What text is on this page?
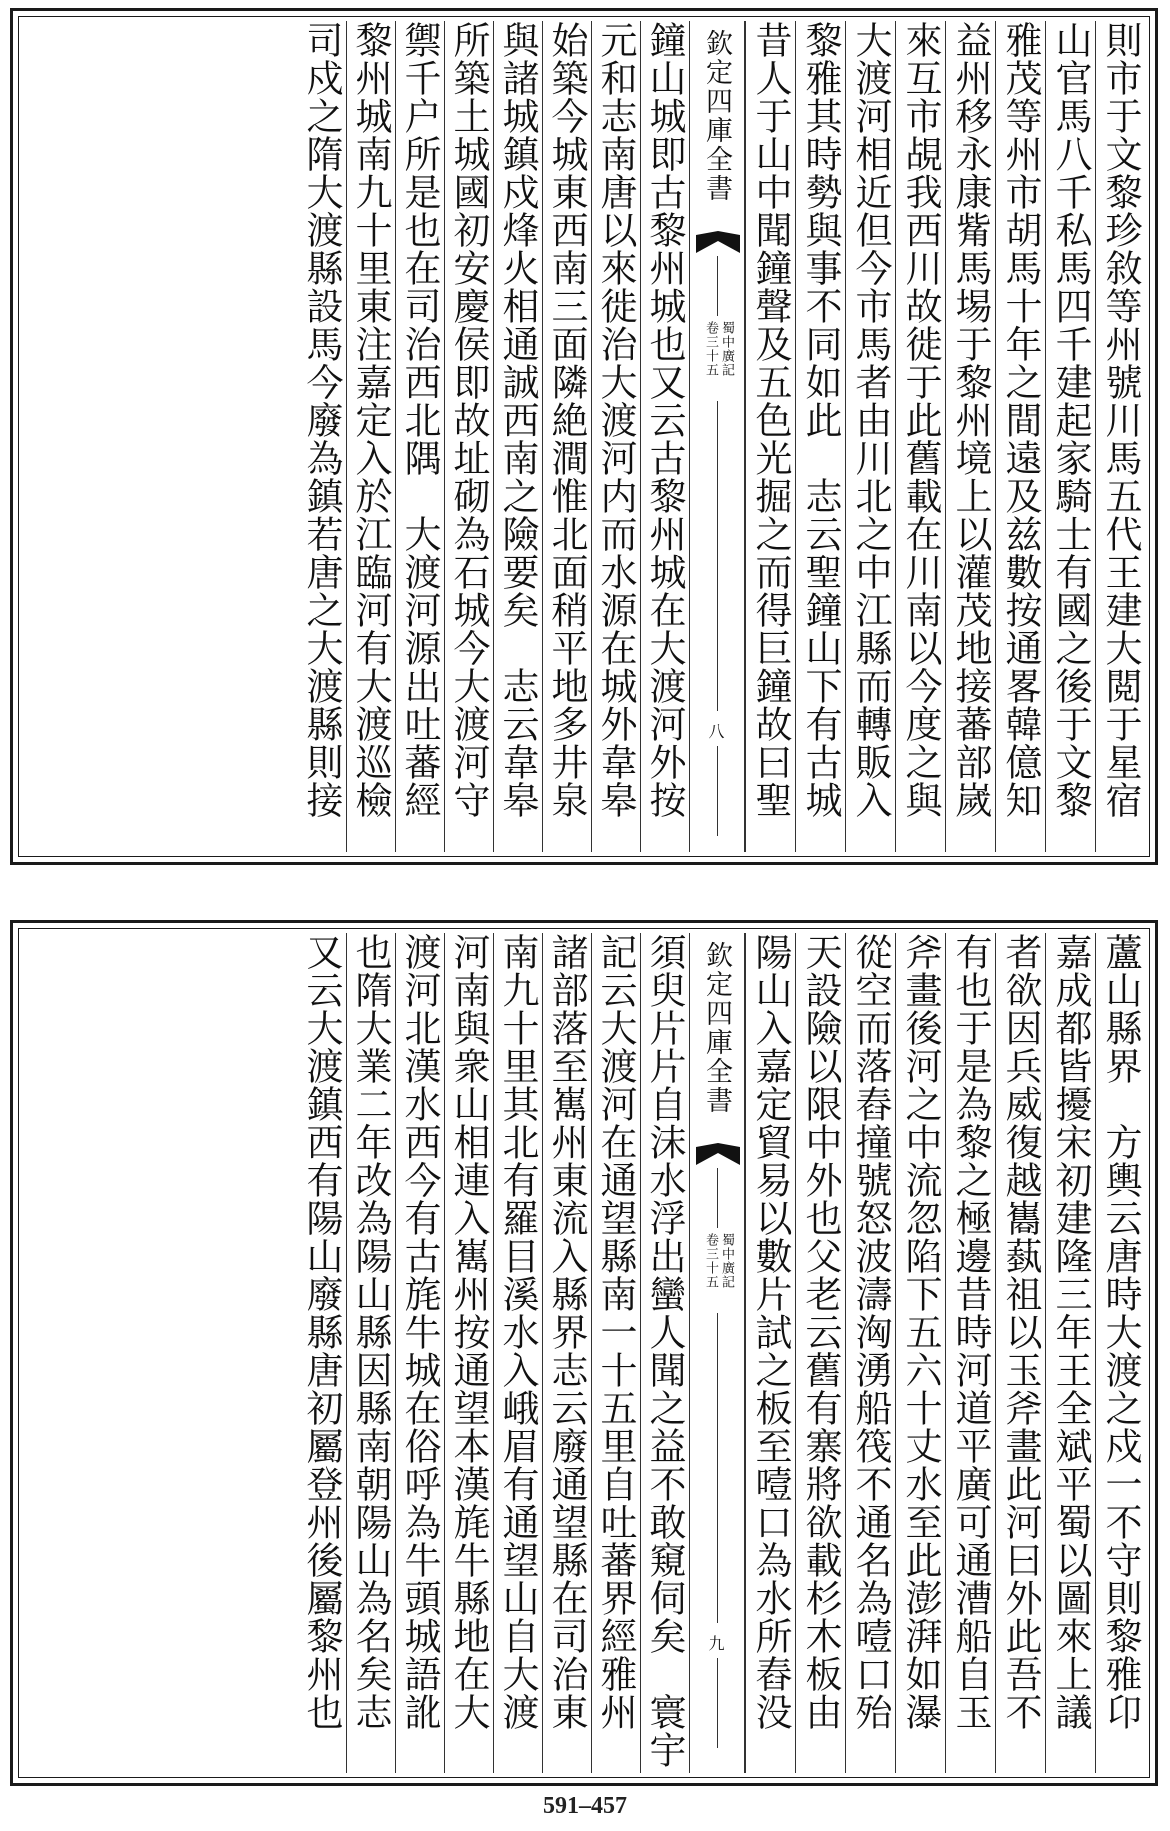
則市于文黎珍敘等州號川馬五代王建大閲于星宿
山官馬八千私馬四千建起家騎士有國之後于文黎
雅茂等州市胡馬十年之間遠及兹數按通畧韓億知
益州移永康觜馬埸于黎州境上以灌茂地接蕃部嵗
來互市覘我西川故徙于此舊載在川南以今度之與
大渡河相近但今市馬者由川北之中江縣而轉販入
黎雅其時勢與事不同如此　志云聖鐘山下有古城
昔人于山中聞鐘聲及五色光掘之而得巨鐘故曰聖
欽定四庫全書
蜀中廣記
卷三十五
八
鐘山城即古黎州城也又云古黎州城在大渡河外按
元和志南唐以來徙治大渡河内而水源在城外韋皋
始築今城東西南三面隣絶澗惟北面稍平地多井泉
與諸城鎮戍烽火相通誠西南之險要矣　志云韋皋
所築土城國初安慶侯即故址砌為石城今大渡河守
禦千户所是也在司治西北隅　大渡河源出吐蕃經
黎州城南九十里東注嘉定入於江臨河有大渡巡檢
司戍之隋大渡縣設馬今廢為鎮若唐之大渡縣則接
蘆山縣界　方輿云唐時大渡之戍一不守則黎雅卬
嘉成都皆擾宋初建隆三年王全斌平蜀以圖來上議
者欲因兵威復越巂蓺祖以玉斧畫此河曰外此吾不
有也于是為黎之極邊昔時河道平廣可通漕船自玉
斧畫後河之中流忽陷下五六十丈水至此澎湃如瀑
從空而落舂撞號怒波濤洶湧船筏不通名為噎口殆
天設險以限中外也父老云舊有寨將欲載杉木板由
陽山入嘉定貿易以數片試之板至噎口為水所舂没
欽定四庫全書
蜀中廣記
卷三十五
九
須臾片片自沫水浮出蠻人聞之益不敢窺伺矣　寰宇
記云大渡河在通望縣南一十五里自吐蕃界經雅州
諸部落至嶲州東流入縣界志云廢通望縣在司治東
南九十里其北有羅目溪水入峨眉有通望山自大渡
河南與衆山相連入嶲州按通望本漢旄牛縣地在大
渡河北漢水西今有古旄牛城在俗呼為牛頭城語訛
也隋大業二年改為陽山縣因縣南朝陽山為名矣志
又云大渡鎮西有陽山廢縣唐初屬登州後屬黎州也
591–457
